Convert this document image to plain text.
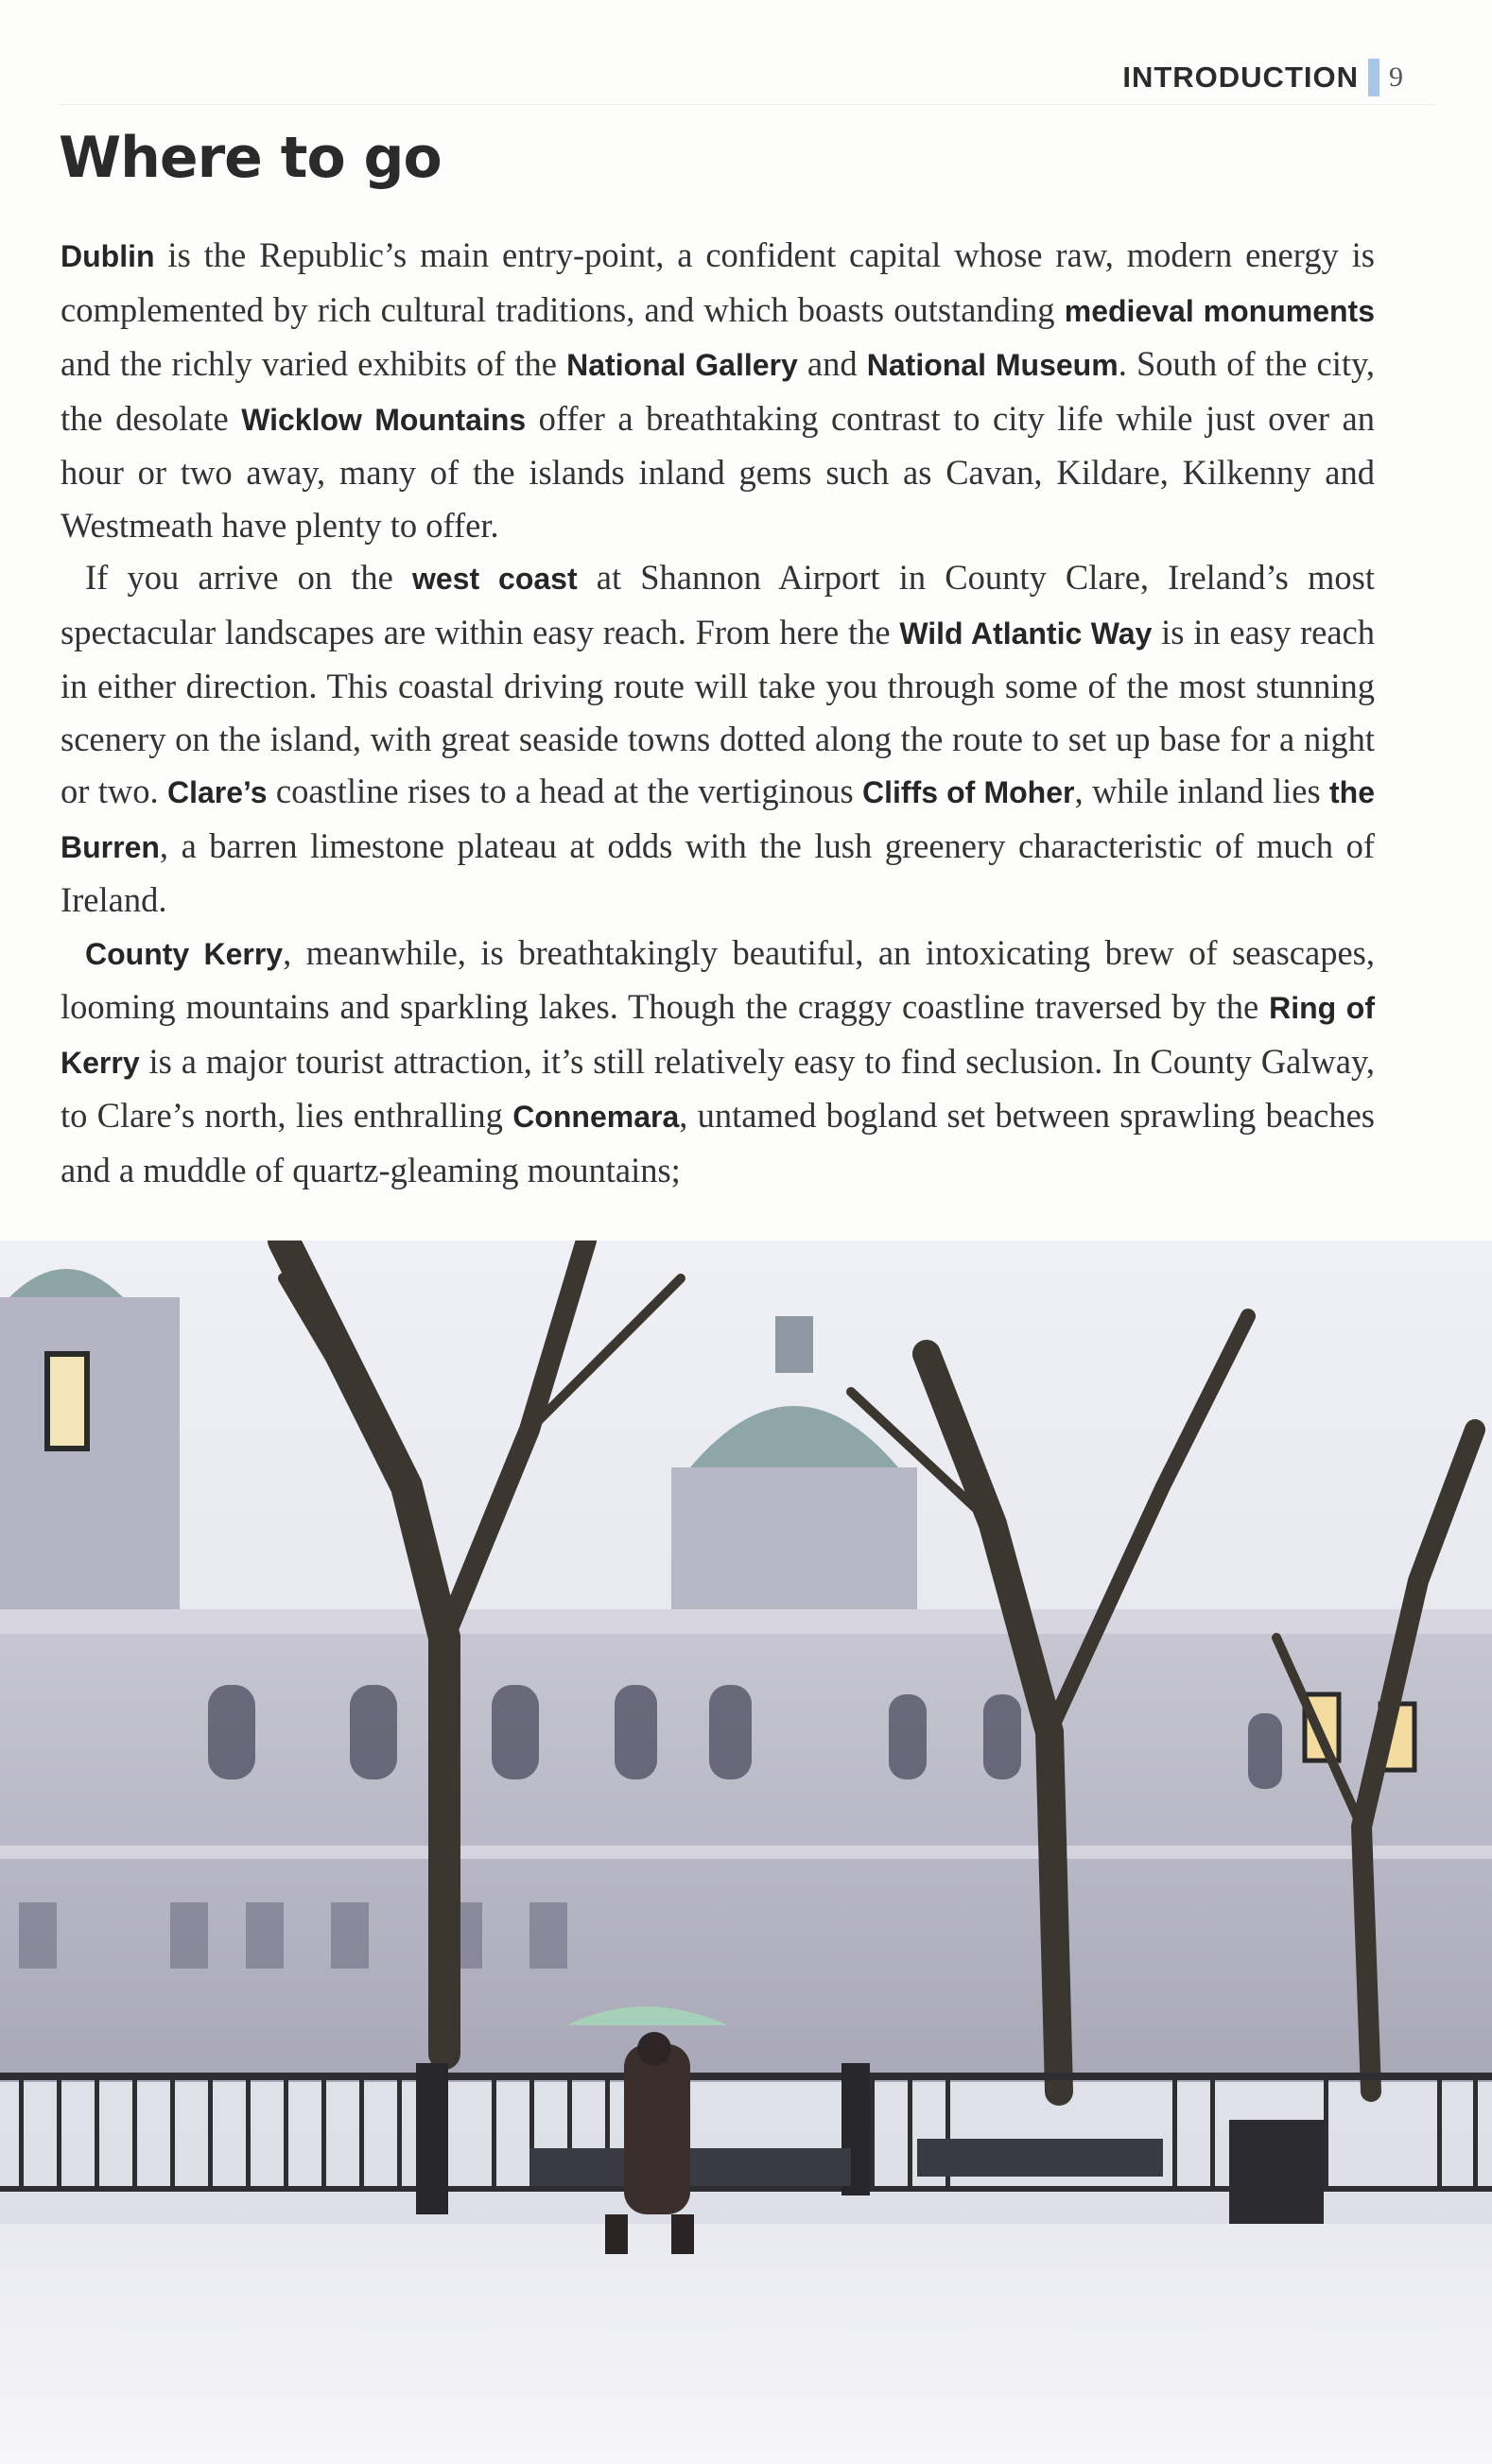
INTRODUCTION 9
Where to go

Dublin is the Republic’s main entry-point, a confident capital whose raw, modern energy is complemented by rich cultural traditions, and which boasts outstanding medieval monuments and the richly varied exhibits of the National Gallery and National Museum. South of the city, the desolate Wicklow Mountains offer a breathtaking contrast to city life while just over an hour or two away, many of the islands inland gems such as Cavan, Kildare, Kilkenny and Westmeath have plenty to offer.

If you arrive on the west coast at Shannon Airport in County Clare, Ireland’s most spectacular landscapes are within easy reach. From here the Wild Atlantic Way is in easy reach in either direction. This coastal driving route will take you through some of the most stunning scenery on the island, with great seaside towns dotted along the route to set up base for a night or two. Clare’s coastline rises to a head at the vertiginous Cliffs of Moher, while inland lies the Burren, a barren limestone plateau at odds with the lush greenery characteristic of much of Ireland.

County Kerry, meanwhile, is breathtakingly beautiful, an intoxicating brew of seascapes, looming mountains and sparkling lakes. Though the craggy coastline traversed by the Ring of Kerry is a major tourist attraction, it’s still relatively easy to find seclusion. In County Galway, to Clare’s north, lies enthralling Connemara, untamed bogland set between sprawling beaches and a muddle of quartz-gleaming mountains;
